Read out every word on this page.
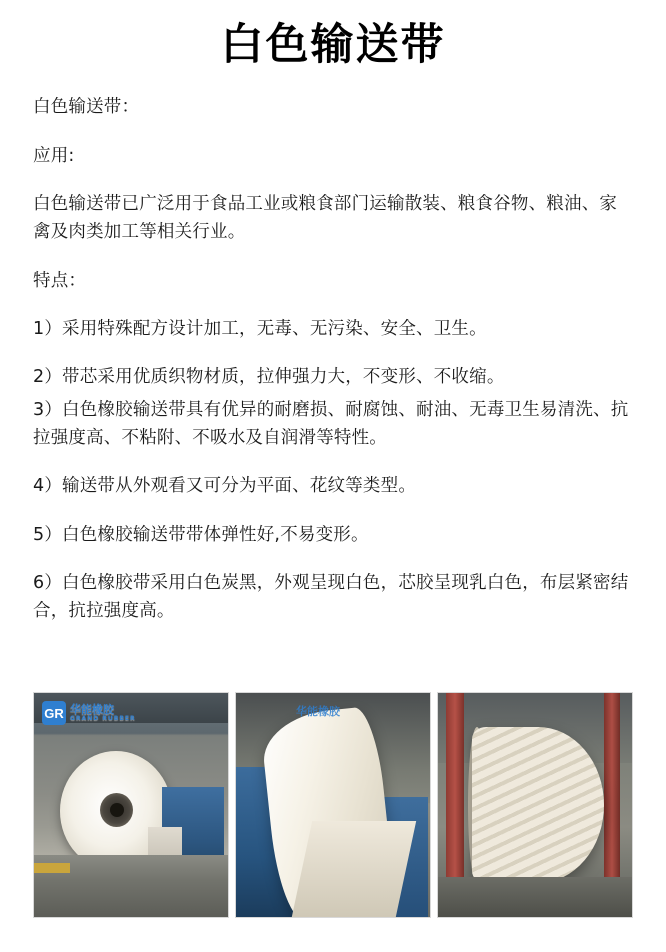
白色输送带

白色输送带：

应用:

白色输送带已广泛用于食品工业或粮食部门运输散装、粮食谷物、粮油、家禽及肉类加工等相关行业。

特点：

1）采用特殊配方设计加工，无毒、无污染、安全、卫生。

2）带芯采用优质织物材质，拉伸强力大，不变形、不收缩。

3）白色橡胶输送带具有优异的耐磨损、耐腐蚀、耐油、无毒卫生易清洗、抗拉强度高、不粘附、不吸水及自润滑等特性。

4）输送带从外观看又可分为平面、花纹等类型。

5）白色橡胶输送带带体弹性好,不易变形。

6）白色橡胶带采用白色炭黑，外观呈现白色，芯胶呈现乳白色，布层紧密结合，抗拉强度高。

GR 华能橡胶
GRAND RUBBER
华能橡胶
